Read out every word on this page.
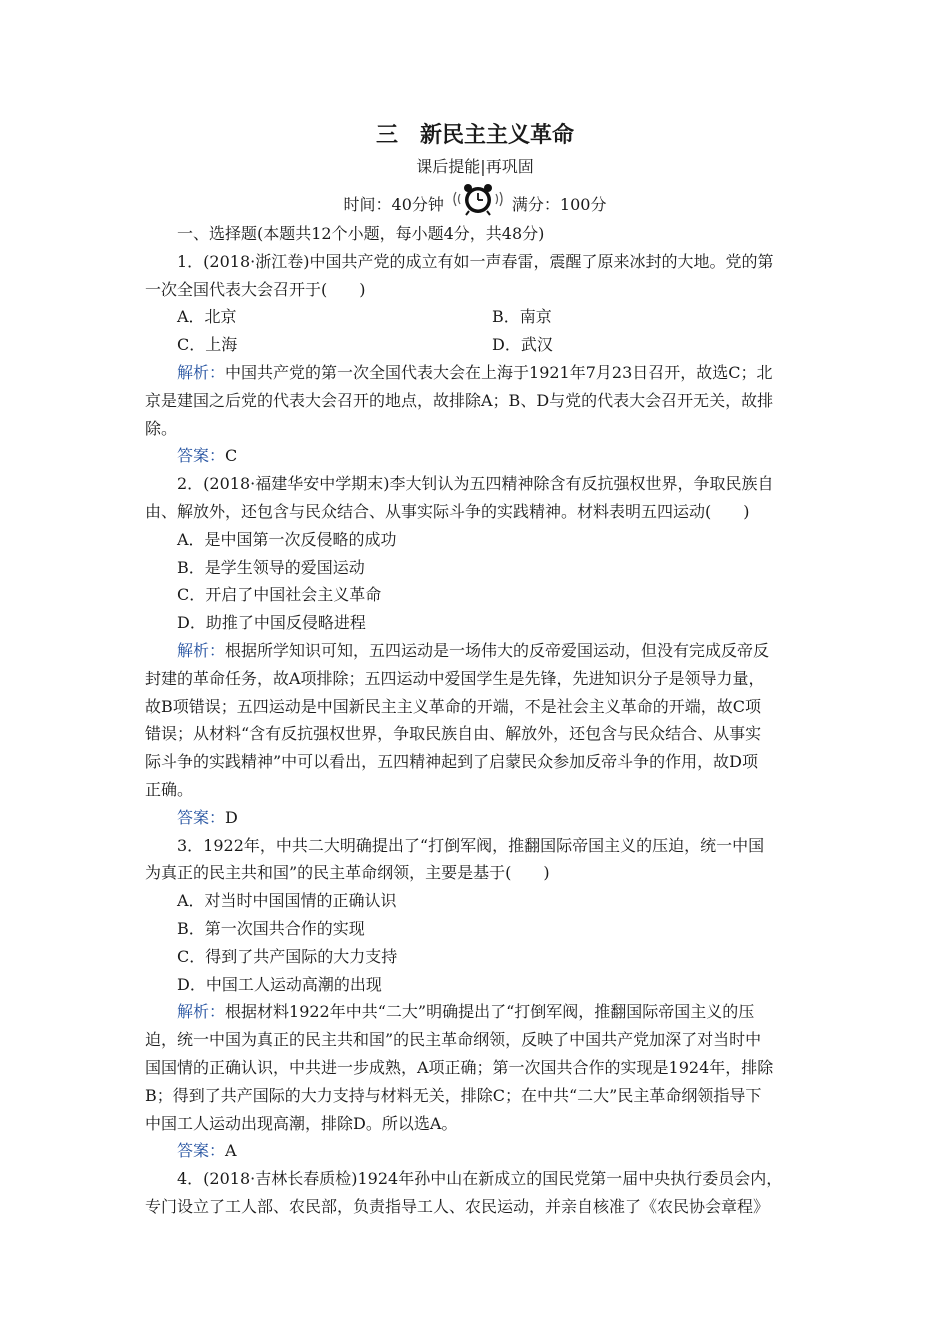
三　新民主主义革命
课后提能|再巩固
时间：40分钟	满分：100分

一、选择题(本题共12个小题，每小题4分，共48分)

1．(2018·浙江卷)中国共产党的成立有如一声春雷，震醒了原来冰封的大地。党的第

一次全国代表大会召开于(　　)

A．北京	B．南京
C．上海	D．武汉

解析：中国共产党的第一次全国代表大会在上海于1921年7月23日召开，故选C；北

京是建国之后党的代表大会召开的地点，故排除A；B、D与党的代表大会召开无关，故排

除。

答案：C

2．(2018·福建华安中学期末)李大钊认为五四精神除含有反抗强权世界，争取民族自

由、解放外，还包含与民众结合、从事实际斗争的实践精神。材料表明五四运动(　　)

A．是中国第一次反侵略的成功

B．是学生领导的爱国运动

C．开启了中国社会主义革命

D．助推了中国反侵略进程

解析：根据所学知识可知，五四运动是一场伟大的反帝爱国运动，但没有完成反帝反

封建的革命任务，故A项排除；五四运动中爱国学生是先锋，先进知识分子是领导力量，

故B项错误；五四运动是中国新民主主义革命的开端，不是社会主义革命的开端，故C项

错误；从材料“含有反抗强权世界，争取民族自由、解放外，还包含与民众结合、从事实

际斗争的实践精神”中可以看出，五四精神起到了启蒙民众参加反帝斗争的作用，故D项

正确。

答案：D

3．1922年，中共二大明确提出了“打倒军阀，推翻国际帝国主义的压迫，统一中国

为真正的民主共和国”的民主革命纲领，主要是基于(　　)

A．对当时中国国情的正确认识

B．第一次国共合作的实现

C．得到了共产国际的大力支持

D．中国工人运动高潮的出现

解析：根据材料1922年中共“二大”明确提出了“打倒军阀，推翻国际帝国主义的压

迫，统一中国为真正的民主共和国”的民主革命纲领，反映了中国共产党加深了对当时中

国国情的正确认识，中共进一步成熟，A项正确；第一次国共合作的实现是1924年，排除

B；得到了共产国际的大力支持与材料无关，排除C；在中共“二大”民主革命纲领指导下

中国工人运动出现高潮，排除D。所以选A。

答案：A

4．(2018·吉林长春质检)1924年孙中山在新成立的国民党第一届中央执行委员会内，

专门设立了工人部、农民部，负责指导工人、农民运动，并亲自核准了《农民协会章程》
